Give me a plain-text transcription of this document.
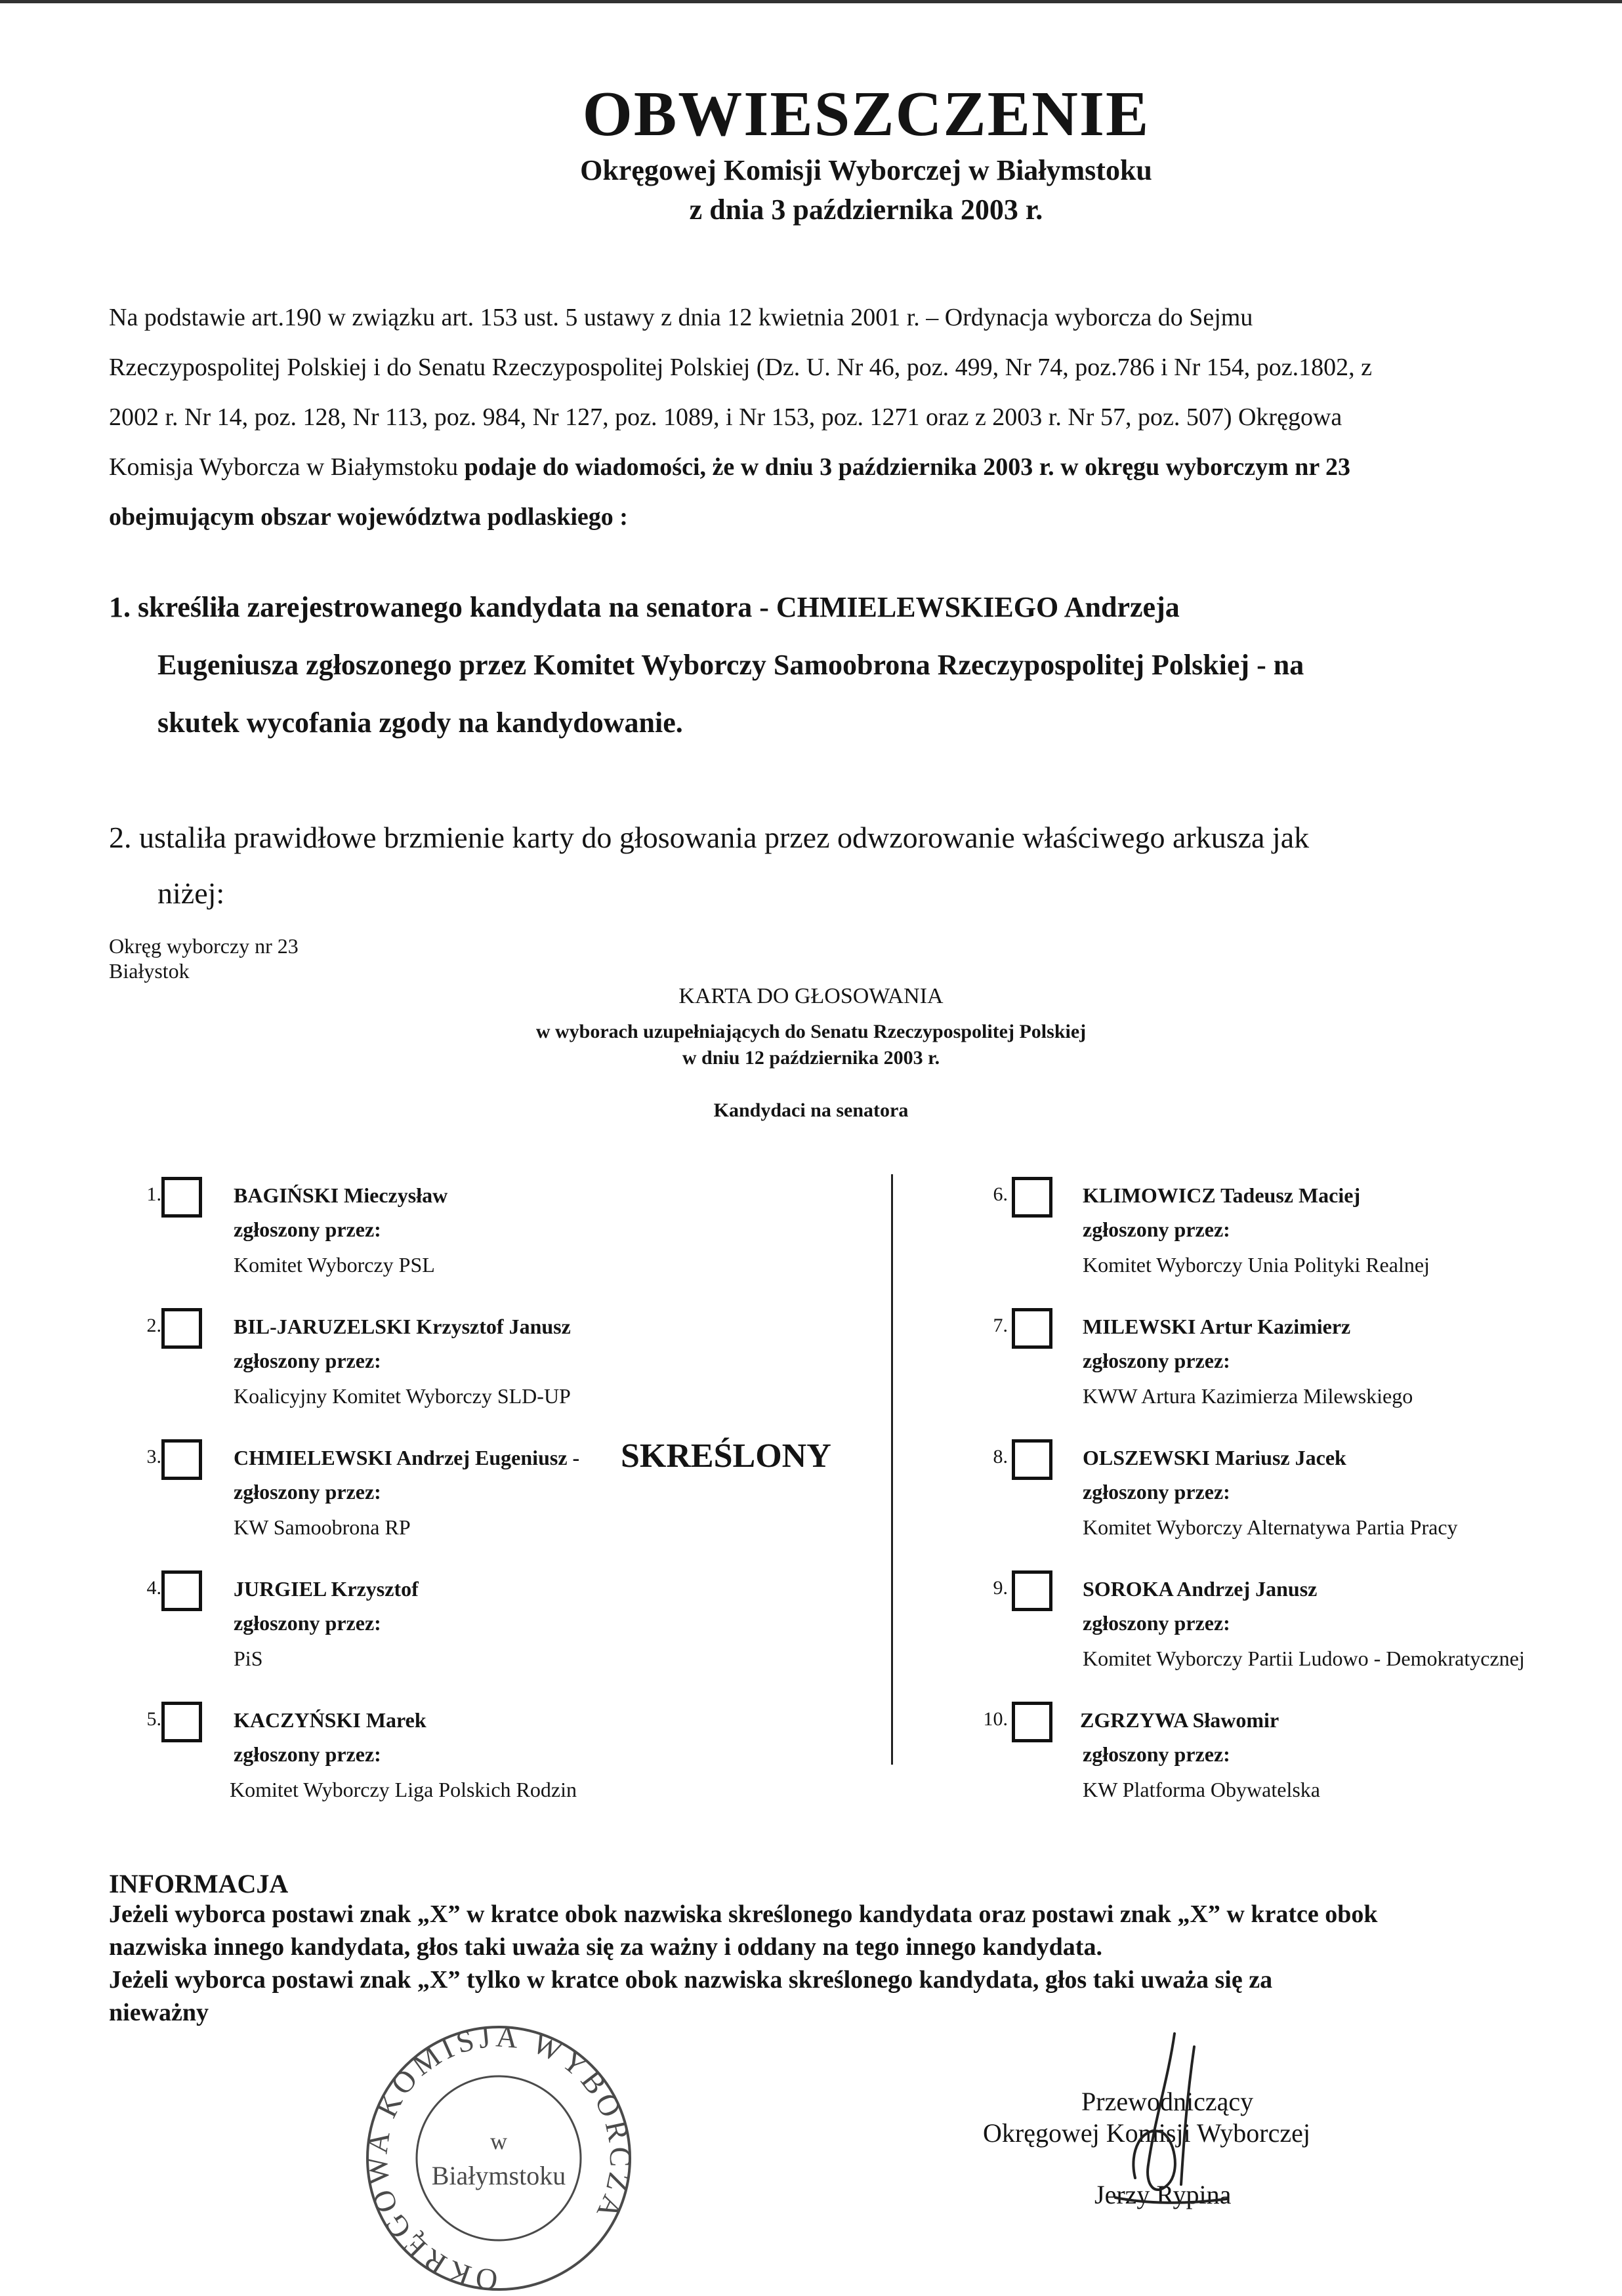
OBWIESZCZENIE
Okręgowej Komisji Wyborczej w Białymstoku
z dnia 3 października 2003 r.
Na podstawie art.190 w związku art. 153 ust. 5 ustawy z dnia 12 kwietnia 2001 r. – Ordynacja wyborcza do Sejmu
Rzeczypospolitej Polskiej i do Senatu Rzeczypospolitej Polskiej (Dz. U. Nr 46, poz. 499, Nr 74, poz.786 i Nr 154, poz.1802, z
2002 r. Nr 14, poz. 128, Nr 113, poz. 984, Nr 127, poz. 1089, i Nr 153, poz. 1271 oraz z 2003 r. Nr 57, poz. 507) Okręgowa
Komisja Wyborcza w Białymstoku podaje do wiadomości, że w dniu 3 października 2003 r. w okręgu wyborczym nr 23
obejmującym obszar województwa podlaskiego :
1. skreśliła zarejestrowanego kandydata na senatora - CHMIELEWSKIEGO Andrzeja
Eugeniusza zgłoszonego przez Komitet Wyborczy Samoobrona Rzeczypospolitej Polskiej - na
skutek wycofania zgody na kandydowanie.
2. ustaliła prawidłowe brzmienie karty do głosowania przez odwzorowanie właściwego arkusza jak
niżej:
Okręg wyborczy nr 23
Białystok
KARTA DO GŁOSOWANIA
w wyborach uzupełniających do Senatu Rzeczypospolitej Polskiej
w dniu 12 października 2003 r.
Kandydaci na senatora
1.	BAGIŃSKI Mieczysław
zgłoszony przez:
Komitet Wyborczy PSL
2.	BIL-JARUZELSKI Krzysztof Janusz
zgłoszony przez:
Koalicyjny Komitet Wyborczy SLD-UP
3.	CHMIELEWSKI Andrzej Eugeniusz - SKREŚLONY
zgłoszony przez:
KW Samoobrona RP
4.	JURGIEL Krzysztof
zgłoszony przez:
PiS
5.	KACZYŃSKI Marek
zgłoszony przez:
Komitet Wyborczy Liga Polskich Rodzin
6.	KLIMOWICZ Tadeusz Maciej
zgłoszony przez:
Komitet Wyborczy Unia Polityki Realnej
7.	MILEWSKI Artur Kazimierz
zgłoszony przez:
KWW Artura Kazimierza Milewskiego
8.	OLSZEWSKI Mariusz Jacek
zgłoszony przez:
Komitet Wyborczy Alternatywa Partia Pracy
9.	SOROKA Andrzej Janusz
zgłoszony przez:
Komitet Wyborczy Partii Ludowo - Demokratycznej
10.	ZGRZYWA Sławomir
zgłoszony przez:
KW Platforma Obywatelska
INFORMACJA
Jeżeli wyborca postawi znak „X” w kratce obok nazwiska skreślonego kandydata oraz postawi znak „X” w kratce obok
nazwiska innego kandydata, głos taki uważa się za ważny i oddany na tego innego kandydata.
Jeżeli wyborca postawi znak „X” tylko w kratce obok nazwiska skreślonego kandydata, głos taki uważa się za
nieważny
OKRĘGOWA KOMISJA WYBORCZA
w
Białymstoku
Przewodniczący
Okręgowej Komisji Wyborczej
Jerzy Rypina
